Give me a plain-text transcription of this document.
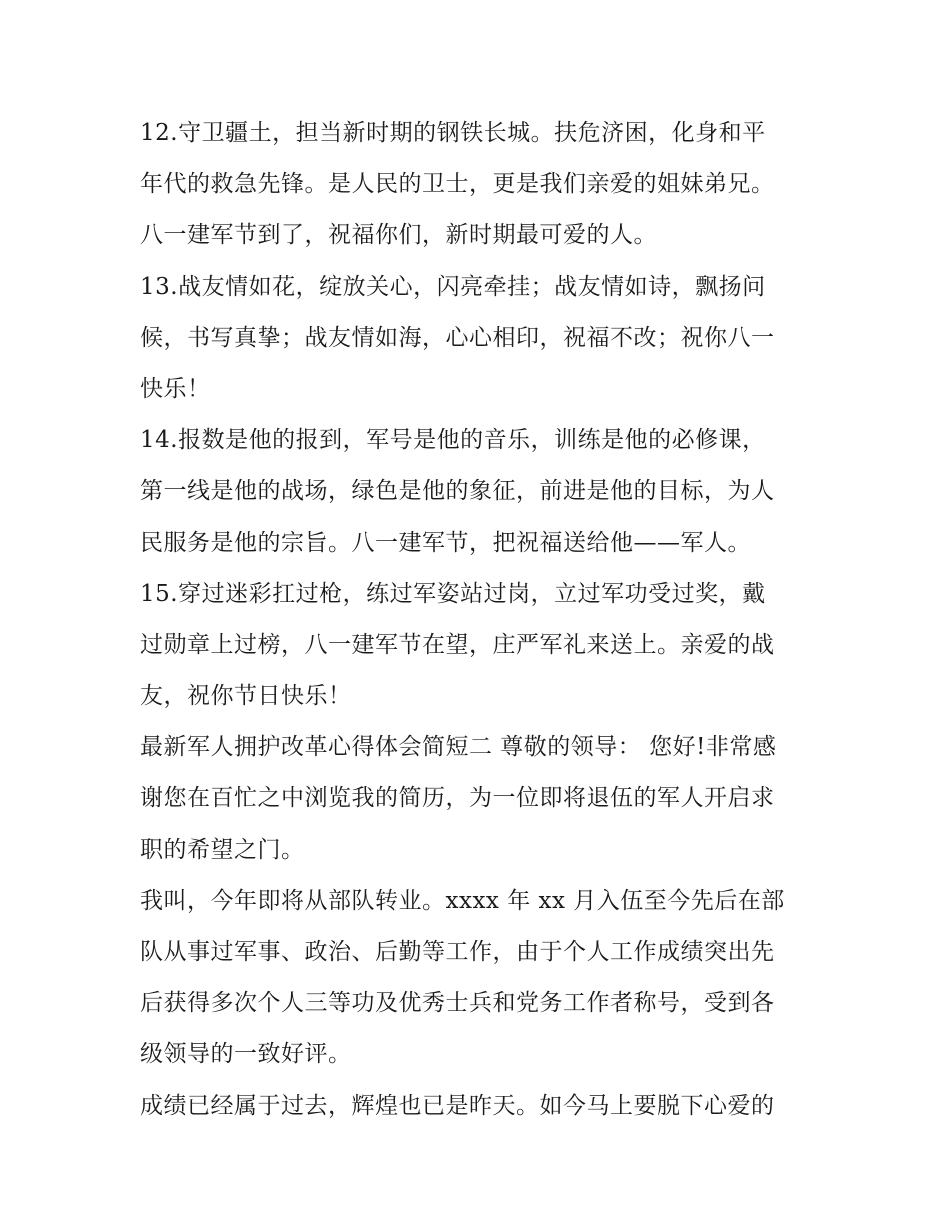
12.守卫疆土，担当新时期的钢铁长城。扶危济困，化身和平
年代的救急先锋。是人民的卫士，更是我们亲爱的姐妹弟兄。
八一建军节到了，祝福你们，新时期最可爱的人。

13.战友情如花，绽放关心，闪亮牵挂；战友情如诗，飘扬问
候，书写真挚；战友情如海，心心相印，祝福不改；祝你八一
快乐！

14.报数是他的报到，军号是他的音乐，训练是他的必修课，
第一线是他的战场，绿色是他的象征，前进是他的目标，为人
民服务是他的宗旨。八一建军节，把祝福送给他——军人。

15.穿过迷彩扛过枪，练过军姿站过岗，立过军功受过奖，戴
过勋章上过榜，八一建军节在望，庄严军礼来送上。亲爱的战
友，祝你节日快乐！

最新军人拥护改革心得体会简短二 尊敬的领导： 您好!非常感
谢您在百忙之中浏览我的简历，为一位即将退伍的军人开启求
职的希望之门。

我叫，今年即将从部队转业。xxxx 年 xx 月入伍至今先后在部
队从事过军事、政治、后勤等工作，由于个人工作成绩突出先
后获得多次个人三等功及优秀士兵和党务工作者称号，受到各
级领导的一致好评。

成绩已经属于过去，辉煌也已是昨天。如今马上要脱下心爱的
